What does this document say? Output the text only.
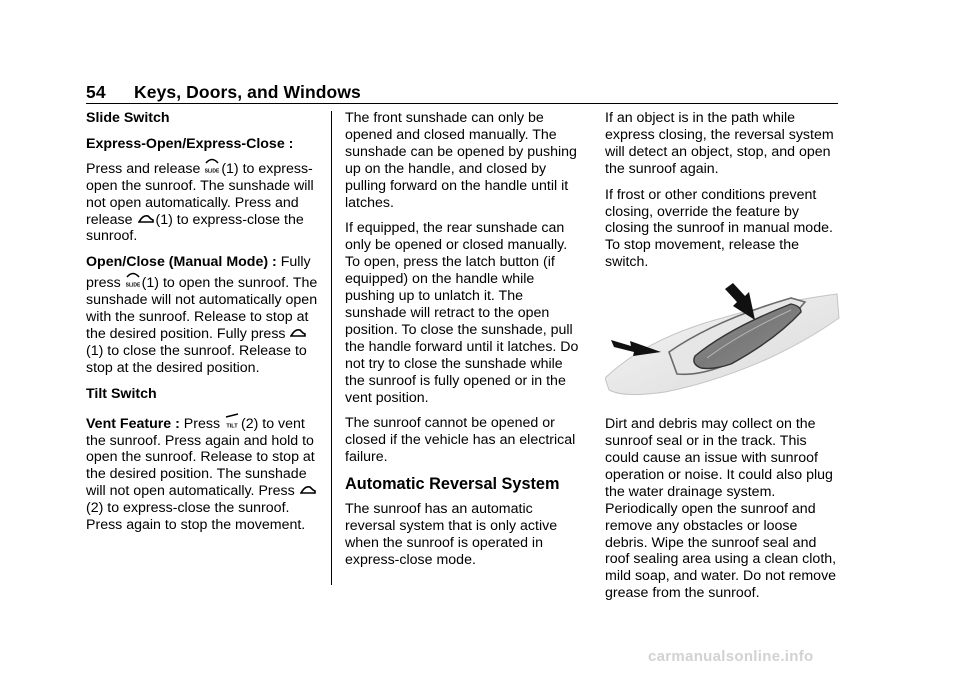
54 Keys, Doors, and Windows

Slide Switch

Express-Open/Express-Close :

Press and release SLIDE (1) to express-open the sunroof. The sunshade will not open automatically. Press and release (1) to express-close the sunroof.

Open/Close (Manual Mode) : Fully press SLIDE (1) to open the sunroof. The sunshade will not automatically open with the sunroof. Release to stop at the desired position. Fully press
(1) to close the sunroof. Release to stop at the desired position.

Tilt Switch

Vent Feature : Press TILT (2) to vent the sunroof. Press again and hold to open the sunroof. Release to stop at the desired position. The sunshade will not open automatically. Press
(2) to express-close the sunroof. Press again to stop the movement.

The front sunshade can only be opened and closed manually. The sunshade can be opened by pushing up on the handle, and closed by pulling forward on the handle until it latches.

If equipped, the rear sunshade can only be opened or closed manually. To open, press the latch button (if equipped) on the handle while pushing up to unlatch it. The sunshade will retract to the open position. To close the sunshade, pull the handle forward until it latches. Do not try to close the sunshade while the sunroof is fully opened or in the vent position.

The sunroof cannot be opened or closed if the vehicle has an electrical failure.

Automatic Reversal System

The sunroof has an automatic reversal system that is only active when the sunroof is operated in express-close mode.

If an object is in the path while express closing, the reversal system will detect an object, stop, and open the sunroof again.

If frost or other conditions prevent closing, override the feature by closing the sunroof in manual mode. To stop movement, release the switch.

Dirt and debris may collect on the sunroof seal or in the track. This could cause an issue with sunroof operation or noise. It could also plug the water drainage system. Periodically open the sunroof and remove any obstacles or loose debris. Wipe the sunroof seal and roof sealing area using a clean cloth, mild soap, and water. Do not remove grease from the sunroof.

carmanualsonline.info
